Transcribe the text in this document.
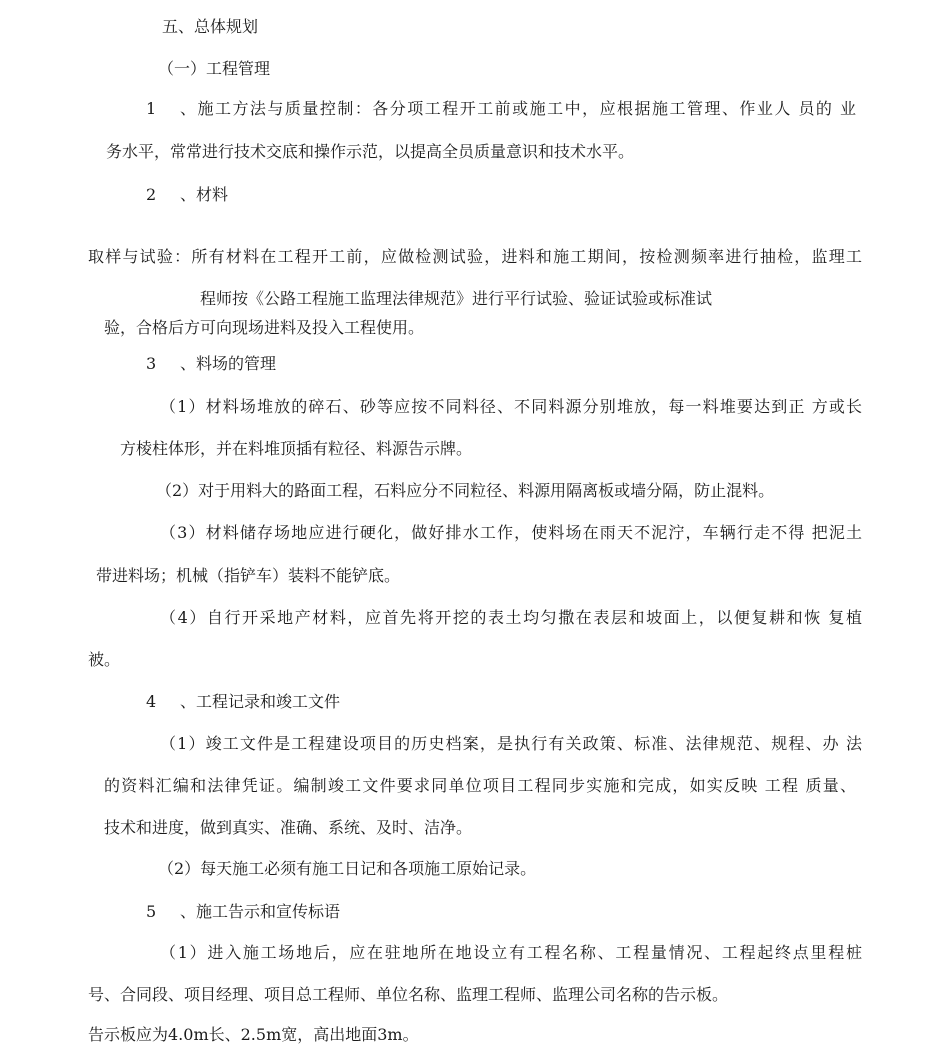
五、总体规划
（一）工程管理
1 、施工方法与质量控制：各分项工程开工前或施工中，应根据施工管理、作业人 员的 业
务水平，常常进行技术交底和操作示范，以提高全员质量意识和技术水平。
2 、材料
取样与试验：所有材料在工程开工前，应做检测试验，进料和施工期间，按检测频率进行抽检，监理工
程师按《公路工程施工监理法律规范》进行平行试验、验证试验或标准试
验，合格后方可向现场进料及投入工程使用。
3 、料场的管理
（1）材料场堆放的碎石、砂等应按不同料径、不同料源分别堆放，每一料堆要达到正 方或长
方棱柱体形，并在料堆顶插有粒径、料源告示牌。
（2）对于用料大的路面工程，石料应分不同粒径、料源用隔离板或墙分隔，防止混料。
（3）材料储存场地应进行硬化，做好排水工作，使料场在雨天不泥泞，车辆行走不得 把泥土
带进料场；机械（指铲车）装料不能铲底。
（4）自行开采地产材料，应首先将开挖的表土均匀撒在表层和坡面上，以便复耕和恢 复植
被。
4 、工程记录和竣工文件
（1）竣工文件是工程建设项目的历史档案，是执行有关政策、标准、法律规范、规程、办 法
的资料汇编和法律凭证。编制竣工文件要求同单位项目工程同步实施和完成，如实反映 工程 质量、
技术和进度，做到真实、准确、系统、及时、洁净。
（2）每天施工必须有施工日记和各项施工原始记录。
5 、施工告示和宣传标语
（1）进入施工场地后，应在驻地所在地设立有工程名称、工程量情况、工程起终点里程桩
号、合同段、项目经理、项目总工程师、单位名称、监理工程师、监理公司名称的告示板。
告示板应为4.0m长、2.5m宽，高出地面3m。
